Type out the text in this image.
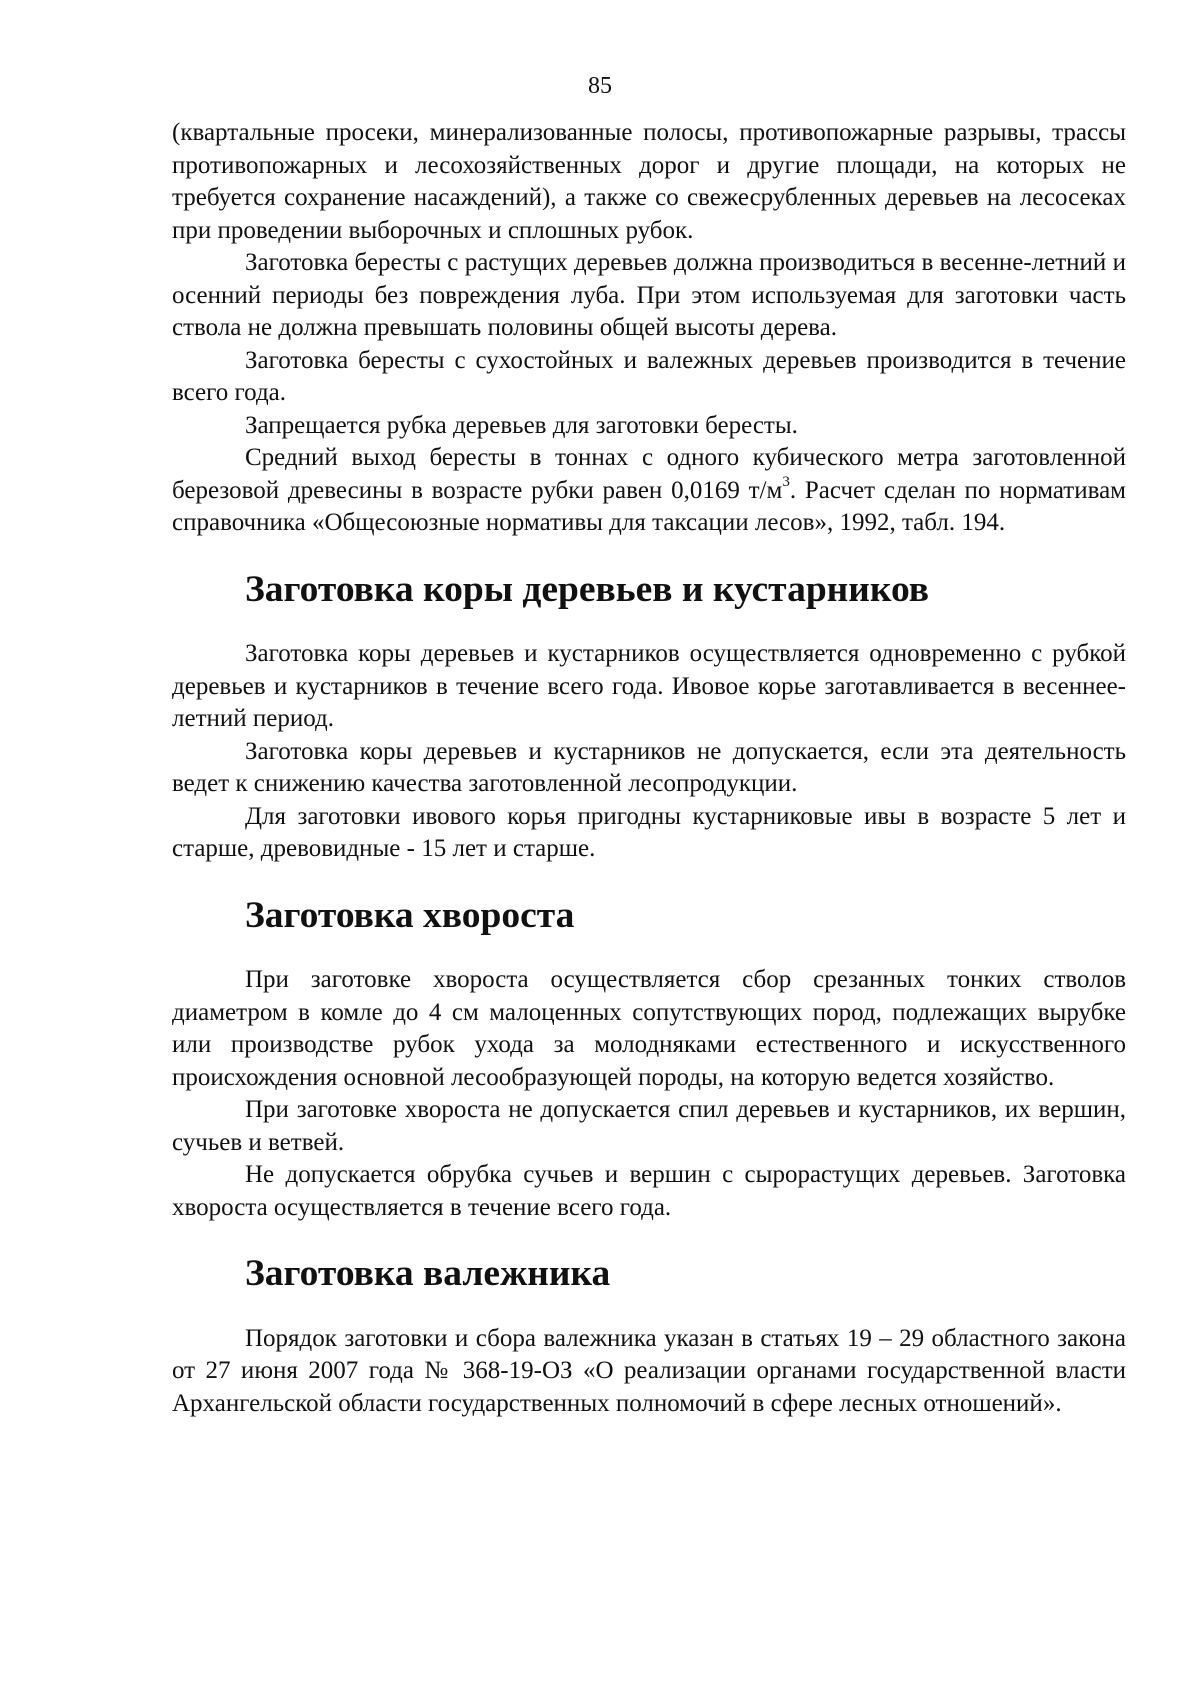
85

(квартальные просеки, минерализованные полосы, противопожарные разрывы, трассы противопожарных и лесохозяйственных дорог и другие площади, на которых не требуется сохранение насаждений), а также со свежесрубленных деревьев на лесосеках при проведении выборочных и сплошных рубок.

Заготовка бересты с растущих деревьев должна производиться в весенне-летний и осенний периоды без повреждения луба. При этом используемая для заготовки часть ствола не должна превышать половины общей высоты дерева.

Заготовка бересты с сухостойных и валежных деревьев производится в течение всего года.

Запрещается рубка деревьев для заготовки бересты.

Средний выход бересты в тоннах с одного кубического метра заготовленной березовой древесины в возрасте рубки равен 0,0169 $т/м^3$. Расчет сделан по нормативам справочника «Общесоюзные нормативы для таксации лесов», 1992, табл. 194.

Заготовка коры деревьев и кустарников

Заготовка коры деревьев и кустарников осуществляется одновременно с рубкой деревьев и кустарников в течение всего года. Ивовое корье заготавливается в весеннее-летний период.

Заготовка коры деревьев и кустарников не допускается, если эта деятельность ведет к снижению качества заготовленной лесопродукции.

Для заготовки ивового корья пригодны кустарниковые ивы в возрасте 5 лет и старше, древовидные - 15 лет и старше.

Заготовка хвороста

При заготовке хвороста осуществляется сбор срезанных тонких стволов диаметром в комле до 4 см малоценных сопутствующих пород, подлежащих вырубке или производстве рубок ухода за молодняками естественного и искусственного происхождения основной лесообразующей породы, на которую ведется хозяйство.

При заготовке хвороста не допускается спил деревьев и кустарников, их вершин, сучьев и ветвей.

Не допускается обрубка сучьев и вершин с сырорастущих деревьев. Заготовка хвороста осуществляется в течение всего года.

Заготовка валежника

Порядок заготовки и сбора валежника указан в статьях 19 – 29 областного закона от 27 июня 2007 года № 368-19-ОЗ «О реализации органами государственной власти Архангельской области государственных полномочий в сфере лесных отношений».
